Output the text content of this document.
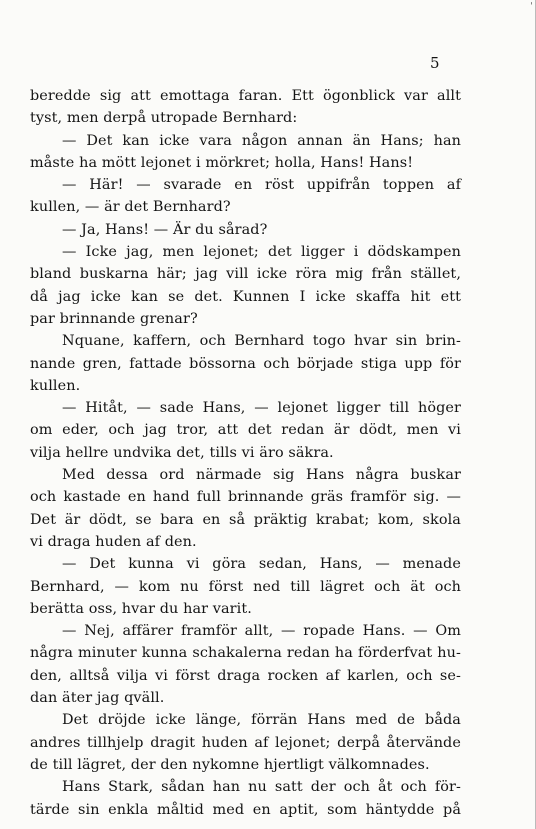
ˈ
5
beredde sig att emottaga faran. Ett ögonblick var allt
tyst, men derpå utropade Bernhard:
— Det kan icke vara någon annan än Hans; han
måste ha mött lejonet i mörkret; holla, Hans! Hans!
— Här! — svarade en röst uppifrån toppen af
kullen, — är det Bernhard?
— Ja, Hans! — Är du sårad?
— Icke jag, men lejonet; det ligger i dödskampen
bland buskarna här; jag vill icke röra mig från stället,
då jag icke kan se det. Kunnen I icke skaffa hit ett
par brinnande grenar?
Nquane, kaffern, och Bernhard togo hvar sin brin-
nande gren, fattade bössorna och började stiga upp för
kullen.
— Hitåt, — sade Hans, — lejonet ligger till höger
om eder, och jag tror, att det redan är dödt, men vi
vilja hellre undvika det, tills vi äro säkra.
Med dessa ord närmade sig Hans några buskar
och kastade en hand full brinnande gräs framför sig. —
Det är dödt, se bara en så präktig krabat; kom, skola
vi draga huden af den.
— Det kunna vi göra sedan, Hans, — menade
Bernhard, — kom nu först ned till lägret och ät och
berätta oss, hvar du har varit.
— Nej, affärer framför allt, — ropade Hans. — Om
några minuter kunna schakalerna redan ha förderfvat hu-
den, alltså vilja vi först draga rocken af karlen, och se-
dan äter jag qväll.
Det dröjde icke länge, förrän Hans med de båda
andres tillhjelp dragit huden af lejonet; derpå återvände
de till lägret, der den nykomne hjertligt välkomnades.
Hans Stark, sådan han nu satt der och åt och för-
tärde sin enkla måltid med en aptit, som häntydde på
